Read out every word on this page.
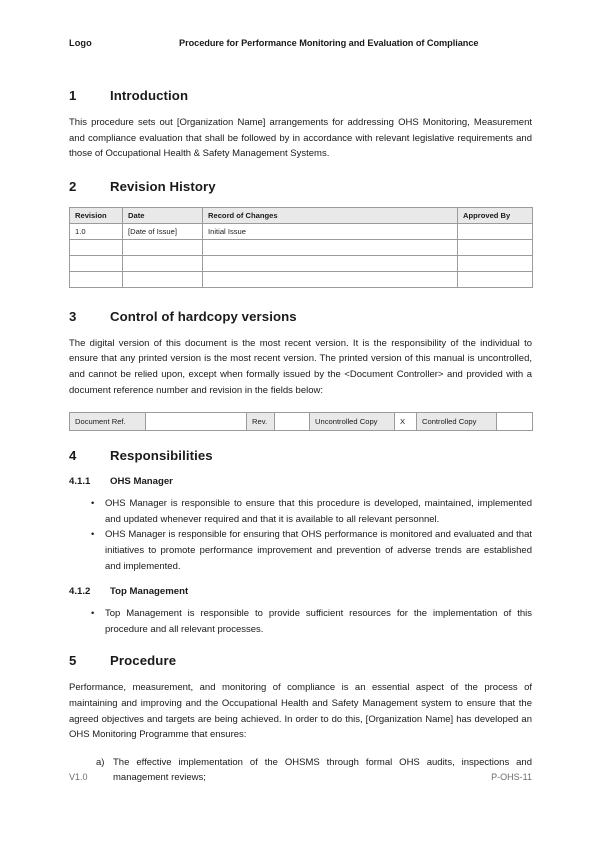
Logo	Procedure for Performance Monitoring and Evaluation of Compliance
1	Introduction

This procedure sets out [Organization Name] arrangements for addressing OHS Monitoring, Measurement and compliance evaluation that shall be followed by in accordance with relevant legislative requirements and those of Occupational Health & Safety Management Systems.

2	Revision History
Revision	Date	Record of Changes	Approved By
1.0	[Date of Issue]	Initial Issue	

3	Control of hardcopy versions

The digital version of this document is the most recent version. It is the responsibility of the individual to ensure that any printed version is the most recent version. The printed version of this manual is uncontrolled, and cannot be relied upon, except when formally issued by the <Document Controller> and provided with a document reference number and revision in the fields below:

Document Ref.		Rev.		Uncontrolled Copy	X	Controlled Copy	
4	Responsibilities
4.1.1	OHS Manager
• OHS Manager is responsible to ensure that this procedure is developed, maintained, implemented and updated whenever required and that it is available to all relevant personnel.
• OHS Manager is responsible for ensuring that OHS performance is monitored and evaluated and that initiatives to promote performance improvement and prevention of adverse trends are established and implemented.
4.1.2	Top Management
• Top Management is responsible to provide sufficient resources for the implementation of this procedure and all relevant processes.
5	Procedure

Performance, measurement, and monitoring of compliance is an essential aspect of the process of maintaining and improving and the Occupational Health and Safety Management system to ensure that the agreed objectives and targets are being achieved. In order to do this, [Organization Name] has developed an OHS Monitoring Programme that ensures:

a) The effective implementation of the OHSMS through formal OHS audits, inspections and management reviews;
V1.0	P-OHS-11
